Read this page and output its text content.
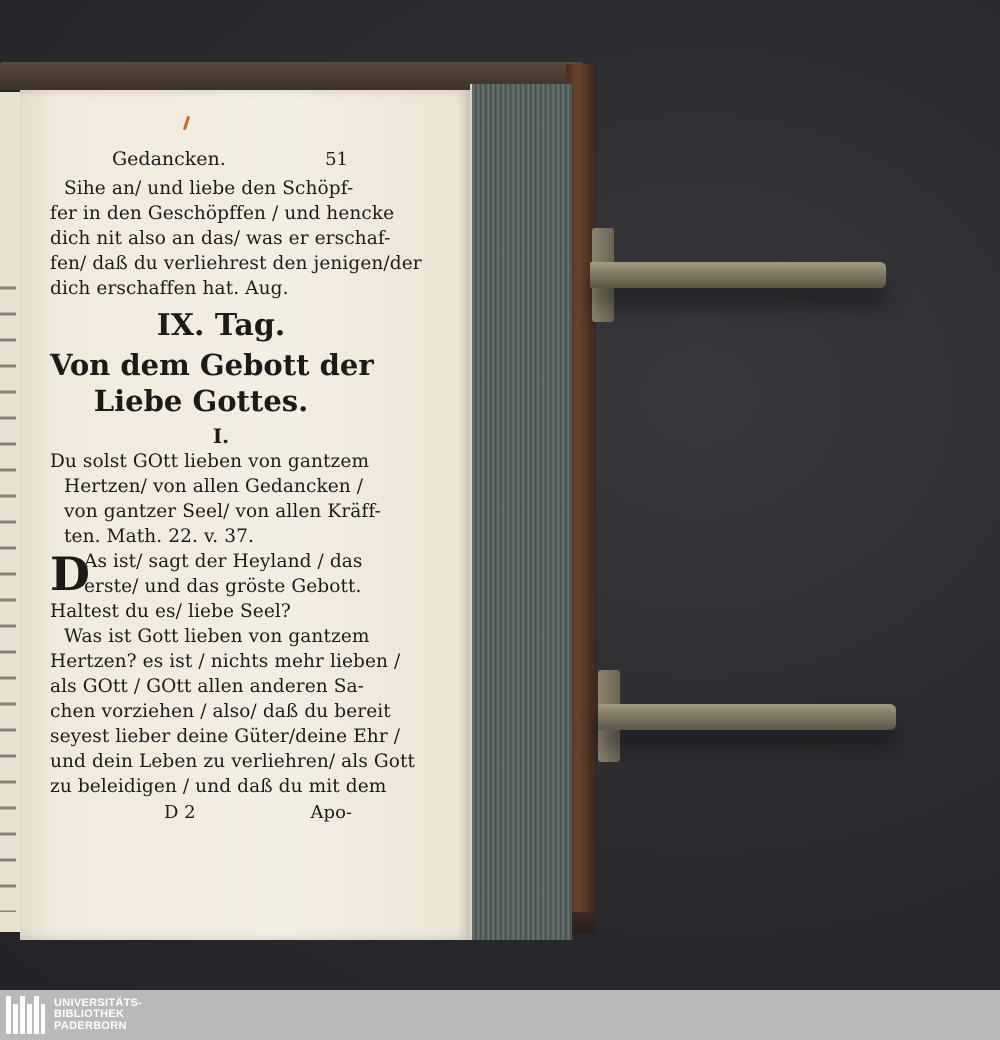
Gedancken.	51
Sihe an/ und liebe den Schöpf-
fer in den Geschöpffen / und hencke
dich nit also an das/ was er erschaf-
fen/ daß du verliehrest den jenigen/der
dich erschaffen hat. Aug.
IX. Tag.
Von dem Gebott der
Liebe Gottes.
I.
Du solst GOtt lieben von gantzem
Hertzen/ von allen Gedancken /
von gantzer Seel/ von allen Kräff-
ten. Math. 22. v. 37.
D
As ist/ sagt der Heyland / das
erste/ und das gröste Gebott.
Haltest du es/ liebe Seel?
Was ist Gott lieben von gantzem
Hertzen? es ist / nichts mehr lieben /
als GOtt / GOtt allen anderen Sa-
chen vorziehen / also/ daß du bereit
seyest lieber deine Güter/deine Ehr /
und dein Leben zu verliehren/ als Gott
zu beleidigen / und daß du mit dem
D 2	Apo-
UNIVERSITÄTS-
BIBLIOTHEK
PADERBORN
